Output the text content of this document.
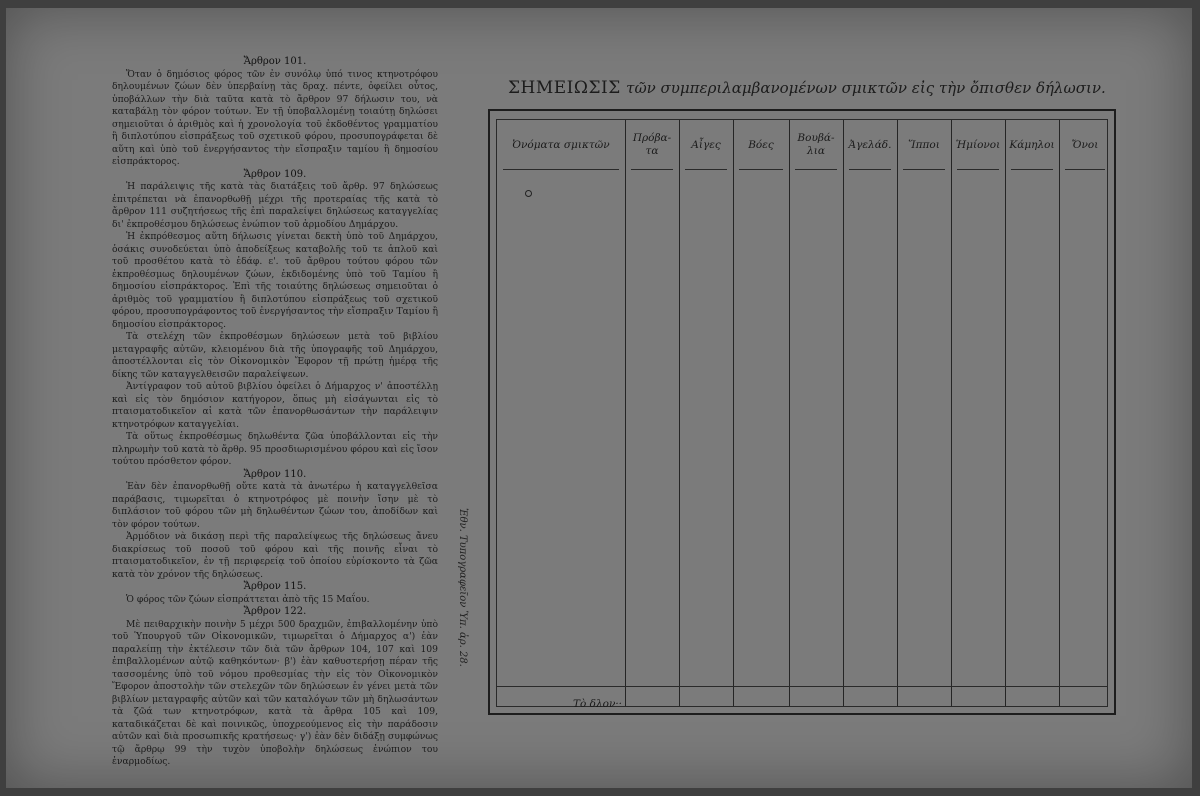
Ἄρθρον 101.

Ὅταν ὁ δημόσιος φόρος τῶν ἐν συνόλῳ ὑπό τινος κτηνοτρόφου δηλουμένων ζώων δὲν ὑπερβαίνῃ τὰς δραχ. πέντε, ὀφείλει οὗτος, ὑποβάλλων τὴν διὰ ταῦτα κατὰ τὸ ἄρθρον 97 δήλωσιν του, νὰ καταβάλῃ τὸν φόρον τούτων. Ἐν τῇ ὑποβαλλομένῃ τοιαύτῃ δηλώσει σημειοῦται ὁ ἀριθμὸς καὶ ἡ χρονολογία τοῦ ἐκδοθέντος γραμματίου ἢ διπλοτύπου εἰσπράξεως τοῦ σχετικοῦ φόρου, προσυπογράφεται δὲ αὕτη καὶ ὑπὸ τοῦ ἐνεργήσαντος τὴν εἴσπραξιν ταμίου ἢ δημοσίου εἰσπράκτορος.

Ἄρθρον 109.

Ἡ παράλειψις τῆς κατὰ τὰς διατάξεις τοῦ ἄρθρ. 97 δηλώσεως ἐπιτρέπεται νὰ ἐπανορθωθῇ μέχρι τῆς προτεραίας τῆς κατὰ τὸ ἄρθρον 111 συζητήσεως τῆς ἐπὶ παραλείψει δηλώσεως καταγγελίας δι' ἐκπροθέσμου δηλώσεως ἐνώπιον τοῦ ἁρμοδίου Δημάρχου.

Ἡ ἐκπρόθεσμος αὕτη δήλωσις γίνεται δεκτὴ ὑπὸ τοῦ Δημάρχου, ὁσάκις συνοδεύεται ὑπὸ ἀποδείξεως καταβολῆς τοῦ τε ἁπλοῦ καὶ τοῦ προσθέτου κατὰ τὸ ἐδάφ. ε'. τοῦ ἄρθρου τούτου φόρου τῶν ἐκπροθέσμως δηλουμένων ζώων, ἐκδιδομένης ὑπὸ τοῦ Ταμίου ἢ δημοσίου εἰσπράκτορος. Ἐπὶ τῆς τοιαύτης δηλώσεως σημειοῦται ὁ ἀριθμὸς τοῦ γραμματίου ἢ διπλοτύπου εἰσπράξεως τοῦ σχετικοῦ φόρου, προσυπογράφοντος τοῦ ἐνεργήσαντος τὴν εἴσπραξιν Ταμίου ἢ δημοσίου εἰσπράκτορος.

Τὰ στελέχη τῶν ἐκπροθέσμων δηλώσεων μετὰ τοῦ βιβλίου μεταγραφῆς αὐτῶν, κλειομένου διὰ τῆς ὑπογραφῆς τοῦ Δημάρχου, ἀποστέλλονται εἰς τὸν Οἰκονομικὸν Ἔφορον τῇ πρώτῃ ἡμέρᾳ τῆς δίκης τῶν καταγγελθεισῶν παραλείψεων.

Ἀντίγραφον τοῦ αὐτοῦ βιβλίου ὀφείλει ὁ Δήμαρχος ν' ἀποστέλλῃ καὶ εἰς τὸν δημόσιον κατήγορον, ὅπως μὴ εἰσάγωνται εἰς τὸ πταισματοδικεῖον αἱ κατὰ τῶν ἐπανορθωσάντων τὴν παράλειψιν κτηνοτρόφων καταγγελίαι.

Τὰ οὕτως ἐκπροθέσμως δηλωθέντα ζῶα ὑποβάλλονται εἰς τὴν πληρωμὴν τοῦ κατὰ τὸ ἄρθρ. 95 προσδιωρισμένου φόρου καὶ εἰς ἴσον τούτου πρόσθετον φόρον.

Ἄρθρον 110.

Ἐὰν δὲν ἐπανορθωθῇ οὔτε κατὰ τὰ ἀνωτέρω ἡ καταγγελθεῖσα παράβασις, τιμωρεῖται ὁ κτηνοτρόφος μὲ ποινὴν ἴσην μὲ τὸ διπλάσιον τοῦ φόρου τῶν μὴ δηλωθέντων ζώων του, ἀποδίδων καὶ τὸν φόρον τούτων.

Ἁρμόδιον νὰ δικάσῃ περὶ τῆς παραλείψεως τῆς δηλώσεως ἄνευ διακρίσεως τοῦ ποσοῦ τοῦ φόρου καὶ τῆς ποινῆς εἶναι τὸ πταισματοδικεῖον, ἐν τῇ περιφερείᾳ τοῦ ὁποίου εὑρίσκοντο τὰ ζῶα κατὰ τὸν χρόνον τῆς δηλώσεως.

Ἄρθρον 115.

Ὁ φόρος τῶν ζώων εἰσπράττεται ἀπὸ τῆς 15 Μαΐου.

Ἄρθρον 122.

Μὲ πειθαρχικὴν ποινὴν 5 μέχρι 500 δραχμῶν, ἐπιβαλλομένην ὑπὸ τοῦ Ὑπουργοῦ τῶν Οἰκονομικῶν, τιμωρεῖται ὁ Δήμαρχος α') ἐὰν παραλείπῃ τὴν ἐκτέλεσιν τῶν διὰ τῶν ἄρθρων 104, 107 καὶ 109 ἐπιβαλλομένων αὐτῷ καθηκόντων· β') ἐὰν καθυστερήσῃ πέραν τῆς τασσομένης ὑπὸ τοῦ νόμου προθεσμίας τὴν εἰς τὸν Οἰκονομικὸν Ἔφορον ἀποστολὴν τῶν στελεχῶν τῶν δηλώσεων ἐν γένει μετὰ τῶν βιβλίων μεταγραφῆς αὐτῶν καὶ τῶν καταλόγων τῶν μὴ δηλωσάντων τὰ ζῶά των κτηνοτρόφων, κατὰ τὰ ἄρθρα 105 καὶ 109, καταδικάζεται δὲ καὶ ποινικῶς, ὑποχρεούμενος εἰς τὴν παράδοσιν αὐτῶν καὶ διὰ προσωπικῆς κρατήσεως· γ') ἐὰν δὲν διδάξῃ συμφώνως τῷ ἄρθρῳ 99 τὴν τυχὸν ὑποβολὴν δηλώσεως ἐνώπιον του ἐναρμοδίως.

Ἐθν. Τυπογραφεῖον Ὑπ. ἀρ. 28.
ΣΗΜΕΙΩΣΙΣ τῶν συμπεριλαμβανομένων σμικτῶν εἰς τὴν ὄπισθεν δήλωσιν.
Ὄνοι
Κάμηλοι
Ἡμίονοι
Ἵπποι
Ἀγελάδ.
Βουβά-
λια
Βόες
Αἶγες
Πρόβα-
τα
Ὀνόματα σμικτῶν
Τὸ δλον··
